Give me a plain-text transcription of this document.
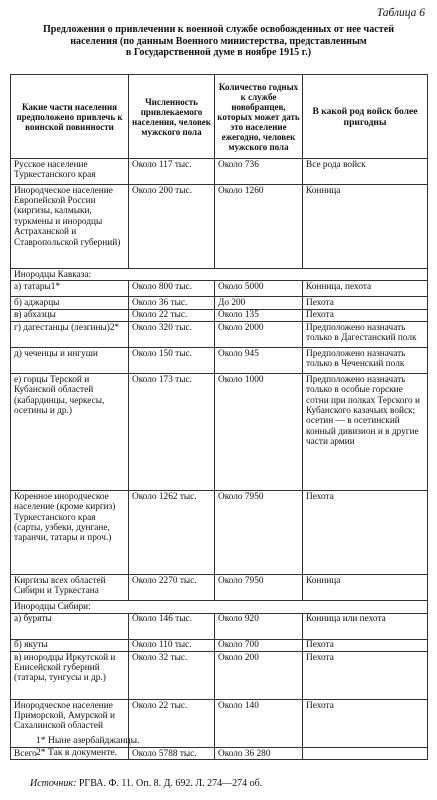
Таблица 6
Предложения о привлечении к военной службе освобожденных от нее частей
населения (по данным Военного министерства, представленным
в Государственной думе в ноябре 1915 г.)
Какие части населения предположено привлечь к воинской повинности	Численность привлекаемого населения, человек мужского пола	Количество годных к службе новобранцев, которых может дать это население ежегодно, человек мужского пола	В какой род войск более пригодны
Русское население Туркестанского края	Около 117 тыс.	Около 736	Все рода войск
Инородческое население Европейской России (киргизы, калмыки, туркмены и инородцы Астраханской и Ставропольской губерний)	Около 200 тыс.	Около 1260	Конница
Инородцы Кавказа:			
а) татары1*	Около 800 тыс.	Около 5000	Конница, пехота
б) аджарцы	Около 36 тыс.	До 200	Пехота
в) абхазцы	Около 22 тыс.	Около 135	Пехота
г) дагестанцы (лезгины)2*	Около 320 тыс.	Около 2000	Предположено назначать только в Дагестанский полк
д) чеченцы и ингуши	Около 150 тыс.	Около 945	Предположено назначать только в Чеченский полк
е) горцы Терской и Кубанской областей (кабардинцы, черкесы, осетины и др.)	Около 173 тыс.	Около 1000	Предположено назначать только в особые горские сотни при полках Терского и Кубанского казачьих войск; осетин — в осетинский конный дивизион и в другие части армии
Коренное инородческое население (кроме киргиз) Туркестанского края (сарты, узбеки, дунгане, таранчи, татары и проч.)	Около 1262 тыс.	Около 7950	Пехота
Киргизы всех областей Сибири и Туркестана	Около 2270 тыс.	Около 7950	Конница
Инородцы Сибири:			
а) буряты	Около 146 тыс.	Около 920	Конница или пехота
б) якуты	Около 110 тыс.	Около 700	Пехота
в) инородцы Иркутской и Енисейской губерний (татары, тунгусы и др.)	Около 32 тыс.	Около 200	Пехота
Инородческое население Приморской, Амурской и Сахалинской областей	Около 22 тыс.	Около 140	Пехота
Всего	Около 5788 тыс.	Около 36 280	
1* Ныне азербайджанцы.
2* Так в документе.
Источник: РГВА. Ф. 11. Оп. 8. Д. 692. Л. 274—274 об.
